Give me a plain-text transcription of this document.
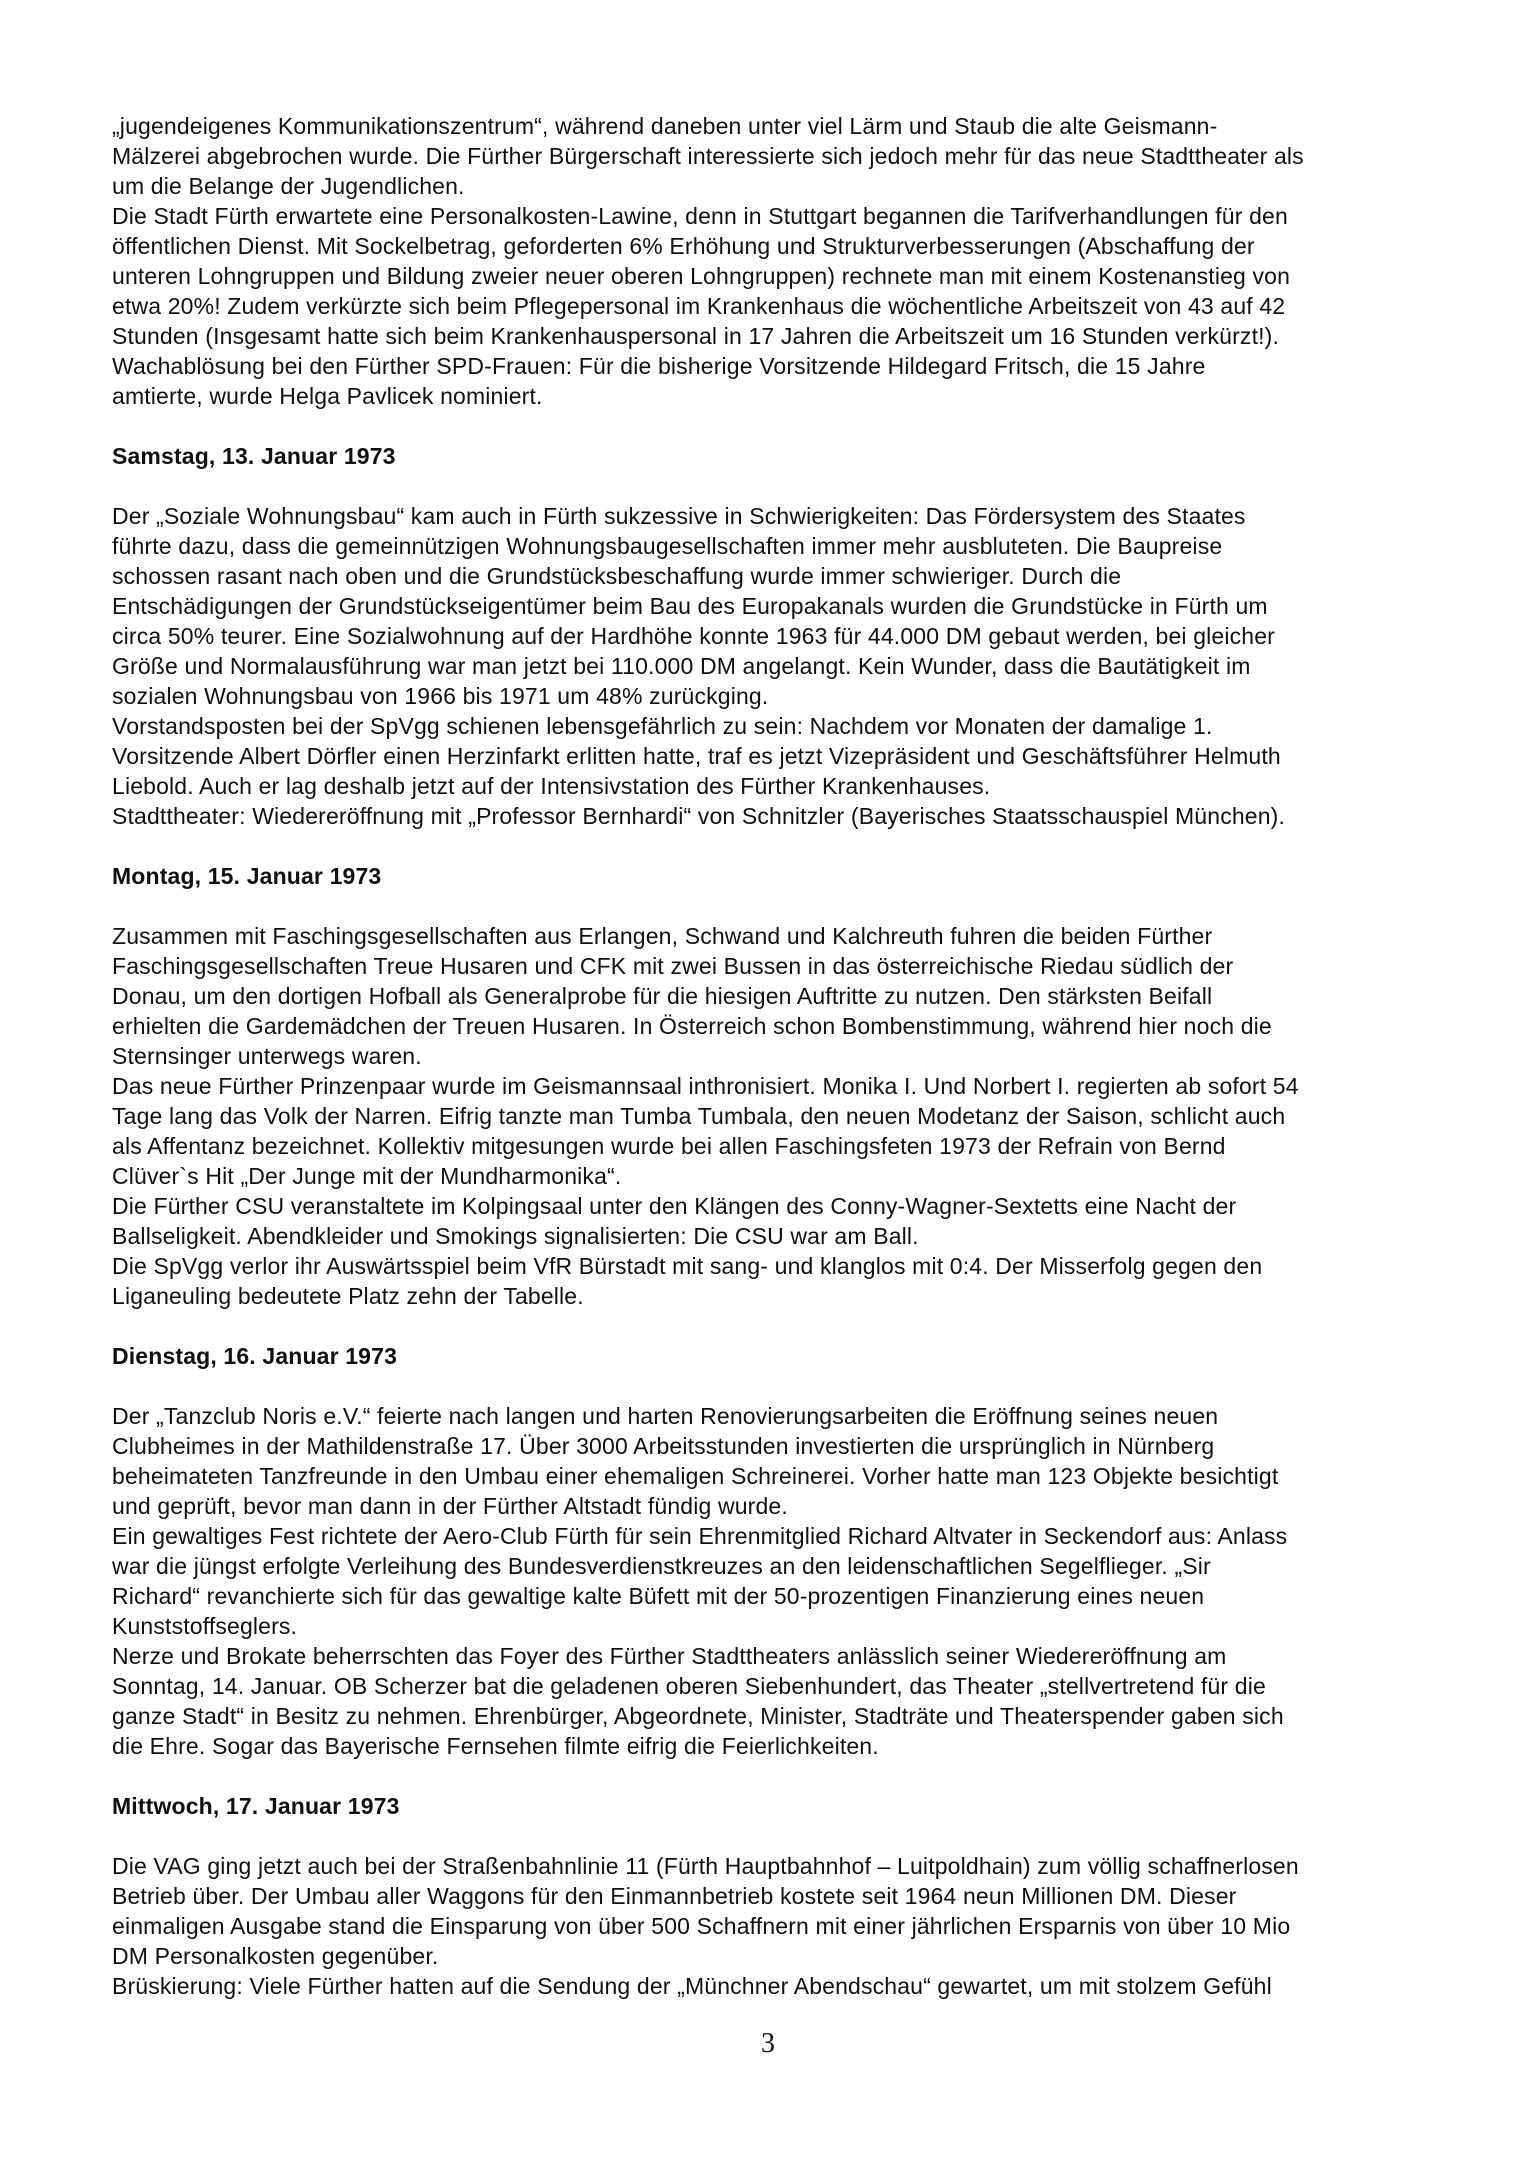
„jugendeigenes Kommunikationszentrum“, während daneben unter viel Lärm und Staub die alte Geismann-
Mälzerei abgebrochen wurde. Die Fürther Bürgerschaft interessierte sich jedoch mehr für das neue Stadttheater als
um die Belange der Jugendlichen.
Die Stadt Fürth erwartete eine Personalkosten-Lawine, denn in Stuttgart begannen die Tarifverhandlungen für den
öffentlichen Dienst. Mit Sockelbetrag, geforderten 6% Erhöhung und Strukturverbesserungen (Abschaffung der
unteren Lohngruppen und Bildung zweier neuer oberen Lohngruppen) rechnete man mit einem Kostenanstieg von
etwa 20%! Zudem verkürzte sich beim Pflegepersonal im Krankenhaus die wöchentliche Arbeitszeit von 43 auf 42
Stunden (Insgesamt hatte sich beim Krankenhauspersonal in 17 Jahren die Arbeitszeit um 16 Stunden verkürzt!).
Wachablösung bei den Fürther SPD-Frauen: Für die bisherige Vorsitzende Hildegard Fritsch, die 15 Jahre
amtierte, wurde Helga Pavlicek nominiert.
Samstag, 13. Januar 1973
Der „Soziale Wohnungsbau“ kam auch in Fürth sukzessive in Schwierigkeiten: Das Fördersystem des Staates
führte dazu, dass die gemeinnützigen Wohnungsbaugesellschaften immer mehr ausbluteten. Die Baupreise
schossen rasant nach oben und die Grundstücksbeschaffung wurde immer schwieriger. Durch die
Entschädigungen der Grundstückseigentümer beim Bau des Europakanals wurden die Grundstücke in Fürth um
circa 50% teurer. Eine Sozialwohnung auf der Hardhöhe konnte 1963 für 44.000 DM gebaut werden, bei gleicher
Größe und Normalausführung war man jetzt bei 110.000 DM angelangt. Kein Wunder, dass die Bautätigkeit im
sozialen Wohnungsbau von 1966 bis 1971 um 48% zurückging.
Vorstandsposten bei der SpVgg schienen lebensgefährlich zu sein: Nachdem vor Monaten der damalige 1.
Vorsitzende Albert Dörfler einen Herzinfarkt erlitten hatte, traf es jetzt Vizepräsident und Geschäftsführer Helmuth
Liebold. Auch er lag deshalb jetzt auf der Intensivstation des Fürther Krankenhauses.
Stadttheater: Wiedereröffnung mit „Professor Bernhardi“ von Schnitzler (Bayerisches Staatsschauspiel München).
Montag, 15. Januar 1973
Zusammen mit Faschingsgesellschaften aus Erlangen, Schwand und Kalchreuth fuhren die beiden Fürther
Faschingsgesellschaften Treue Husaren und CFK mit zwei Bussen in das österreichische Riedau südlich der
Donau, um den dortigen Hofball als Generalprobe für die hiesigen Auftritte zu nutzen. Den stärksten Beifall
erhielten die Gardemädchen der Treuen Husaren. In Österreich schon Bombenstimmung, während hier noch die
Sternsinger unterwegs waren.
Das neue Fürther Prinzenpaar wurde im Geismannsaal inthronisiert. Monika I. Und Norbert I. regierten ab sofort 54
Tage lang das Volk der Narren. Eifrig tanzte man Tumba Tumbala, den neuen Modetanz der Saison, schlicht auch
als Affentanz bezeichnet. Kollektiv mitgesungen wurde bei allen Faschingsfeten 1973 der Refrain von Bernd
Clüver`s Hit „Der Junge mit der Mundharmonika“.
Die Fürther CSU veranstaltete im Kolpingsaal unter den Klängen des Conny-Wagner-Sextetts eine Nacht der
Ballseligkeit. Abendkleider und Smokings signalisierten: Die CSU war am Ball.
Die SpVgg verlor ihr Auswärtsspiel beim VfR Bürstadt mit sang- und klanglos mit 0:4. Der Misserfolg gegen den
Liganeuling bedeutete Platz zehn der Tabelle.
Dienstag, 16. Januar 1973
Der „Tanzclub Noris e.V.“ feierte nach langen und harten Renovierungsarbeiten die Eröffnung seines neuen
Clubheimes in der Mathildenstraße 17. Über 3000 Arbeitsstunden investierten die ursprünglich in Nürnberg
beheimateten Tanzfreunde in den Umbau einer ehemaligen Schreinerei. Vorher hatte man 123 Objekte besichtigt
und geprüft, bevor man dann in der Fürther Altstadt fündig wurde.
Ein gewaltiges Fest richtete der Aero-Club Fürth für sein Ehrenmitglied Richard Altvater in Seckendorf aus: Anlass
war die jüngst erfolgte Verleihung des Bundesverdienstkreuzes an den leidenschaftlichen Segelflieger. „Sir
Richard“ revanchierte sich für das gewaltige kalte Büfett mit der 50-prozentigen Finanzierung eines neuen
Kunststoffseglers.
Nerze und Brokate beherrschten das Foyer des Fürther Stadttheaters anlässlich seiner Wiedereröffnung am
Sonntag, 14. Januar. OB Scherzer bat die geladenen oberen Siebenhundert, das Theater „stellvertretend für die
ganze Stadt“ in Besitz zu nehmen. Ehrenbürger, Abgeordnete, Minister, Stadträte und Theaterspender gaben sich
die Ehre. Sogar das Bayerische Fernsehen filmte eifrig die Feierlichkeiten.
Mittwoch, 17. Januar 1973
Die VAG ging jetzt auch bei der Straßenbahnlinie 11 (Fürth Hauptbahnhof – Luitpoldhain) zum völlig schaffnerlosen
Betrieb über. Der Umbau aller Waggons für den Einmannbetrieb kostete seit 1964 neun Millionen DM. Dieser
einmaligen Ausgabe stand die Einsparung von über 500 Schaffnern mit einer jährlichen Ersparnis von über 10 Mio
DM Personalkosten gegenüber.
Brüskierung: Viele Fürther hatten auf die Sendung der „Münchner Abendschau“ gewartet, um mit stolzem Gefühl
3
